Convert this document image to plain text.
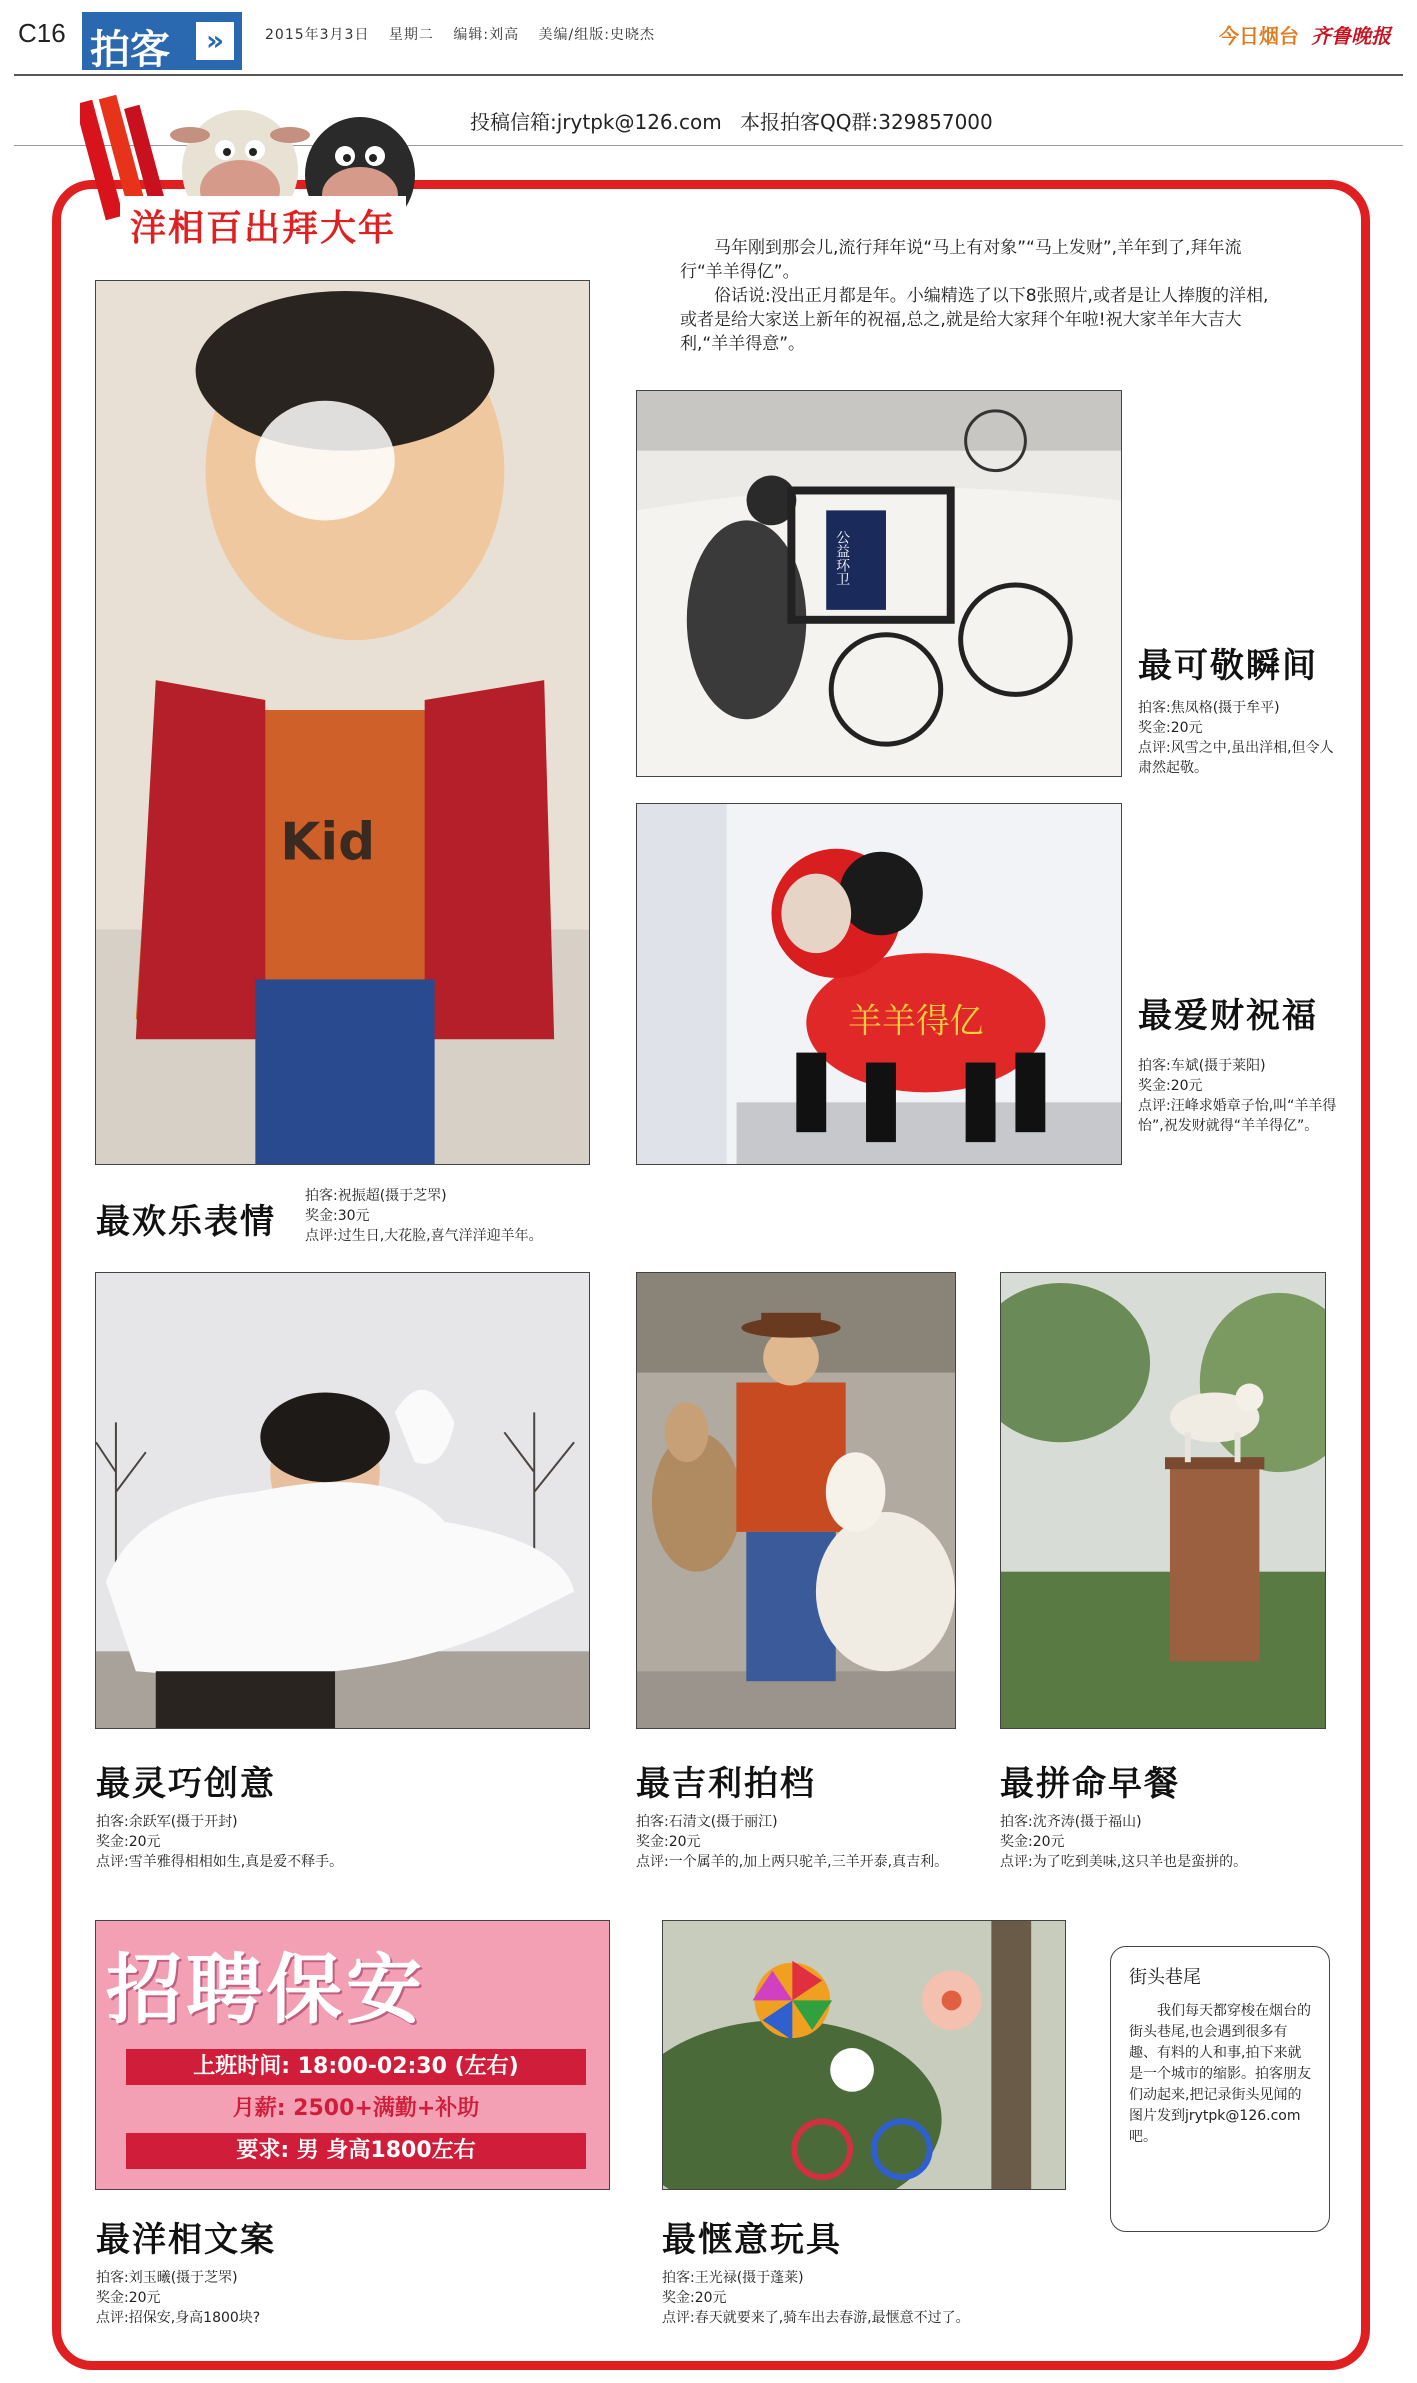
C16 拍客	»	2015年3月3日 星期二 编辑:刘高 美编/组版:史晓杰	今日烟台 齐鲁晚报
投稿信箱:jrytpk@126.com 本报拍客QQ群:329857000
洋相百出拜大年	马年刚到那会儿,流行拜年说“马上有对象”“马上发财”,羊年到了,拜年流行“羊羊得亿”。

俗话说:没出正月都是年。小编精选了以下8张照片,或者是让人捧腹的洋相,或者是给大家送上新年的祝福,总之,就是给大家拜个年啦!祝大家羊年大吉大利,“羊羊得意”。

Kid
最欢乐表情
拍客:祝振超(摄于芝罘)
奖金:30元
点评:过生日,大花脸,喜气洋洋迎羊年。
公益环卫
最可敬瞬间
拍客:焦凤格(摄于牟平)
奖金:20元
点评:风雪之中,虽出洋相,但令人肃然起敬。
羊羊得亿	最爱财祝福
拍客:车斌(摄于莱阳)
奖金:20元
点评:汪峰求婚章子怡,叫“羊羊得怡”,祝发财就得“羊羊得亿”。
最灵巧创意
拍客:余跃军(摄于开封)
奖金:20元
点评:雪羊雅得相相如生,真是爱不释手。
最吉利拍档
拍客:石清文(摄于丽江)
奖金:20元
点评:一个属羊的,加上两只驼羊,三羊开泰,真吉利。
最拼命早餐
拍客:沈齐涛(摄于福山)
奖金:20元
点评:为了吃到美味,这只羊也是蛮拼的。
招聘保安
上班时间: 18:00-02:30 (左右)
月薪: 2500+满勤+补助
要求: 男 身高1800左右
最洋相文案
拍客:刘玉曦(摄于芝罘)
奖金:20元
点评:招保安,身高1800块?
最惬意玩具
拍客:王光禄(摄于蓬莱)
奖金:20元
点评:春天就要来了,骑车出去春游,最惬意不过了。
街头巷尾
我们每天都穿梭在烟台的街头巷尾,也会遇到很多有趣、有料的人和事,拍下来就是一个城市的缩影。拍客朋友们动起来,把记录街头见闻的图片发到jrytpk@126.com吧。
